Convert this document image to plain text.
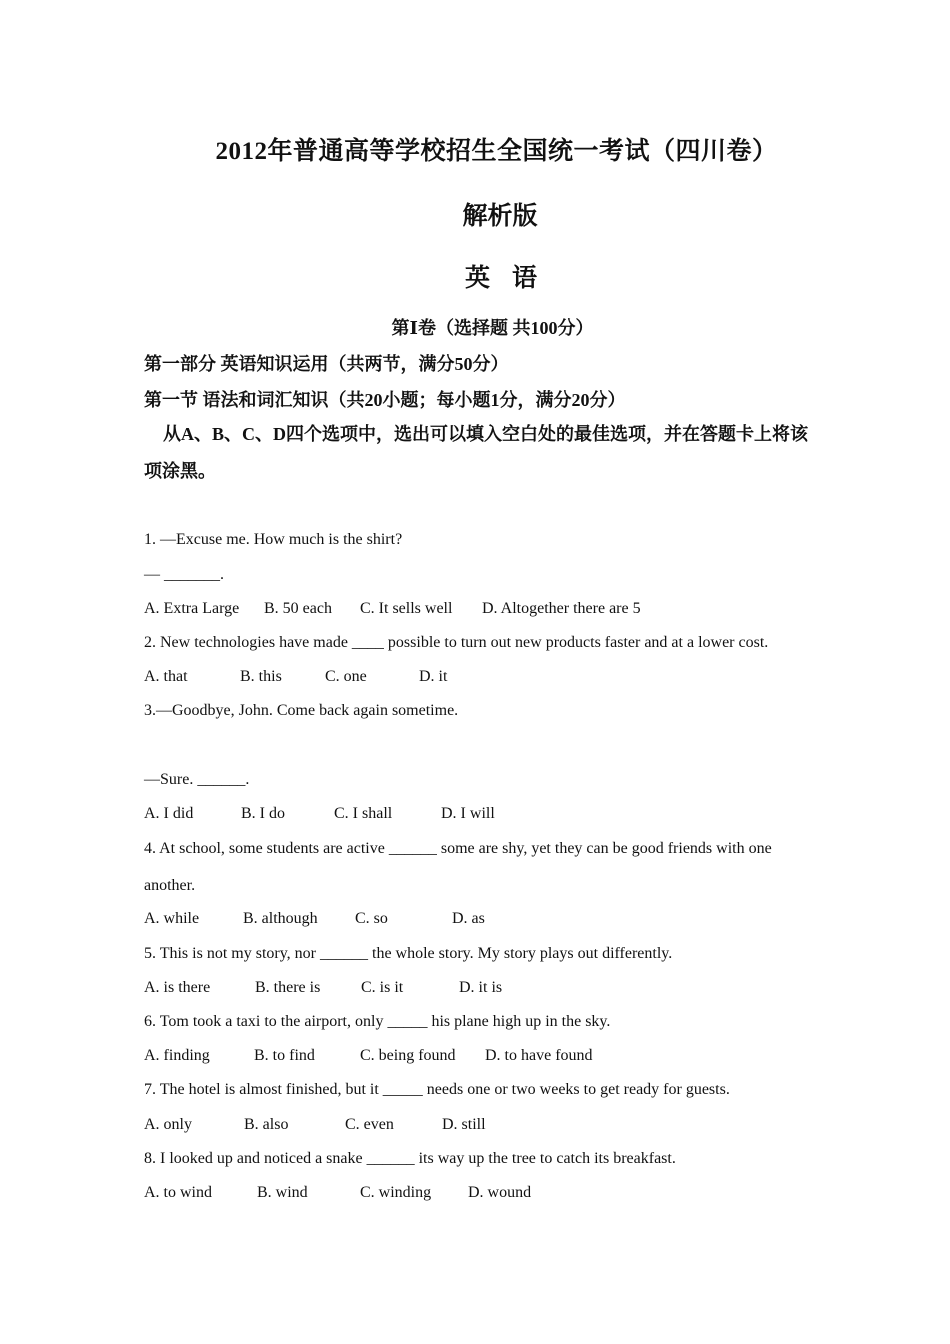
2012年普通高等学校招生全国统一考试（四川卷）
解析版
英语
第Ⅰ卷（选择题 共100分）
第一部分 英语知识运用（共两节，满分50分）
第一节 语法和词汇知识（共20小题；每小题1分，满分20分）
从A、B、C、D四个选项中，选出可以填入空白处的最佳选项，并在答题卡上将该项涂黑。
1. —Excuse me. How much is the shirt?
— _______.
A. Extra Large B. 50 each C. It sells well D. Altogether there are 5
2. New technologies have made ____ possible to turn out new products faster and at a lower cost.
A. that	B. this	C. one	D. it
3.—Goodbye, John. Come back again sometime.
—Sure. ______.
A. I did	B. I do	C. I shall	D. I will
4. At school, some students are active ______ some are shy, yet they can be good friends with one another.
A. while	B. although C. so	D. as
5. This is not my story, nor ______ the whole story. My story plays out differently.
A. is there	B. there is	C. is it	D. it is
6. Tom took a taxi to the airport, only _____ his plane high up in the sky.
A. finding	B. to find	C. being found D. to have found
7. The hotel is almost finished, but it _____ needs one or two weeks to get ready for guests.
A. only	B. also	C. even	D. still
8. I looked up and noticed a snake ______ its way up the tree to catch its breakfast.
A. to wind	B. wind	C. winding D. wound
